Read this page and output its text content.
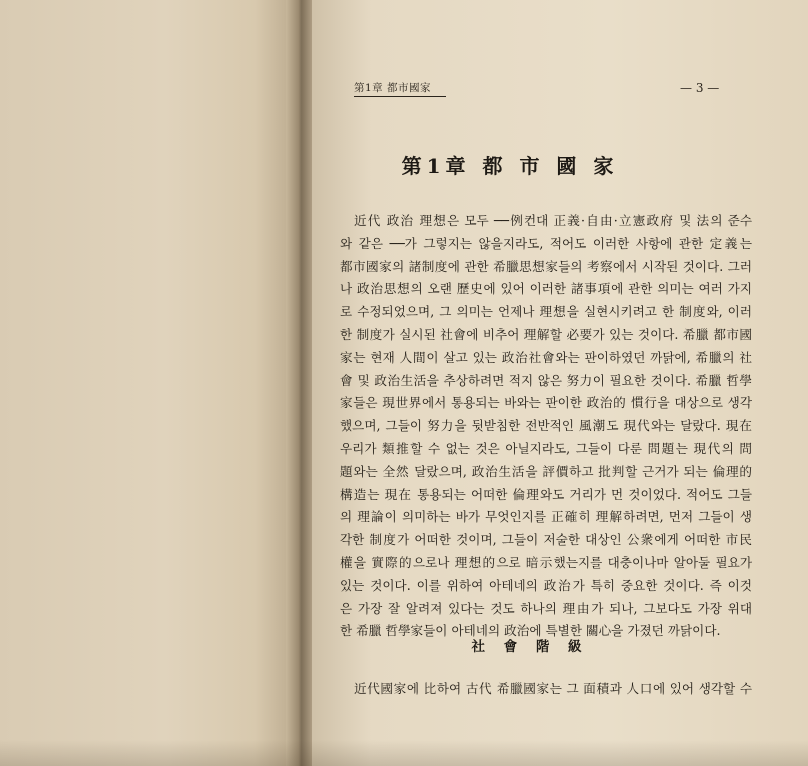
第1章 都市國家	— 3 —
第1章 都 市 國 家
近代 政治 理想은 모두 ──例컨대 正義·自由·立憲政府 및 法의 준수
와 같은 ──가 그렇지는 않을지라도, 적어도 이러한 사항에 관한 定義는
都市國家의 諸制度에 관한 希臘思想家들의 考察에서 시작된 것이다. 그러
나 政治思想의 오랜 歷史에 있어 이러한 諸事項에 관한 의미는 여러 가지
로 수정되었으며, 그 의미는 언제나 理想을 실현시키려고 한 制度와, 이러
한 制度가 실시된 社會에 비추어 理解할 必要가 있는 것이다. 希臘 都市國
家는 현재 人間이 살고 있는 政治社會와는 판이하였던 까닭에, 希臘의 社
會 및 政治生活을 추상하려면 적지 않은 努力이 필요한 것이다. 希臘 哲學
家들은 現世界에서 통용되는 바와는 판이한 政治的 慣行을 대상으로 생각
했으며, 그들이 努力을 뒷받침한 전반적인 風潮도 現代와는 달랐다. 現在
우리가 類推할 수 없는 것은 아닐지라도, 그들이 다룬 問題는 現代의 問
題와는 全然 달랐으며, 政治生活을 評價하고 批判할 근거가 되는 倫理的
構造는 現在 통용되는 어떠한 倫理와도 거리가 먼 것이었다. 적어도 그들
의 理論이 의미하는 바가 무엇인지를 正確히 理解하려면, 먼저 그들이 생
각한 制度가 어떠한 것이며, 그들이 저술한 대상인 公衆에게 어떠한 市民
權을 實際的으로나 理想的으로 暗示했는지를 대충이나마 알아둘 필요가
있는 것이다. 이를 위하여 아테네의 政治가 특히 중요한 것이다. 즉 이것
은 가장 잘 알려져 있다는 것도 하나의 理由가 되나, 그보다도 가장 위대
한 希臘 哲學家들이 아테네의 政治에 특별한 關心을 가졌던 까닭이다.
社 會 階 級
近代國家에 比하여 古代 希臘國家는 그 面積과 人口에 있어 생각할 수
